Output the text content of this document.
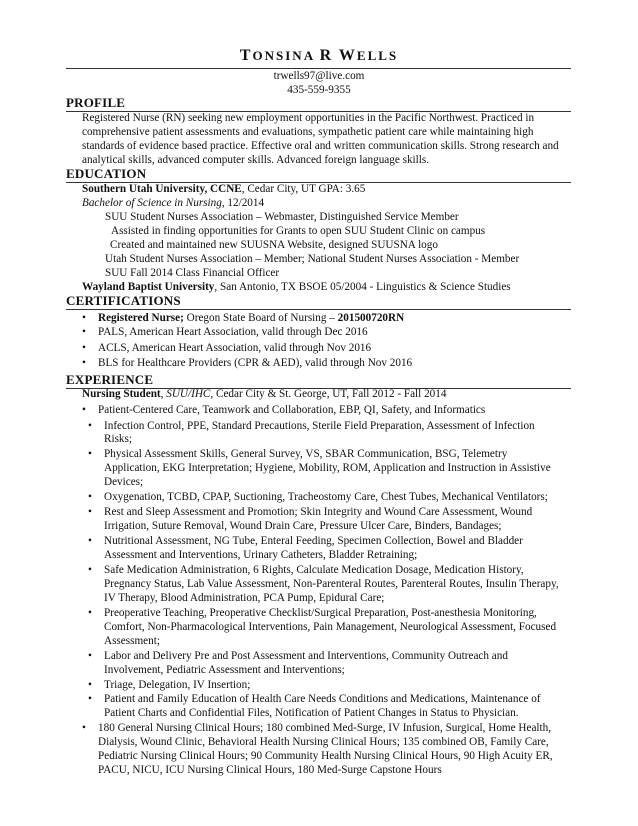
TONSINA R WELLS
trwells97@live.com
435-559-9355
PROFILE
Registered Nurse (RN) seeking new employment opportunities in the Pacific Northwest. Practiced in
comprehensive patient assessments and evaluations, sympathetic patient care while maintaining high
standards of evidence based practice. Effective oral and written communication skills. Strong research and
analytical skills, advanced computer skills. Advanced foreign language skills.
EDUCATION
Southern Utah University, CCNE, Cedar City, UT GPA: 3.65
Bachelor of Science in Nursing, 12/2014
SUU Student Nurses Association – Webmaster, Distinguished Service Member
Assisted in finding opportunities for Grants to open SUU Student Clinic on campus
Created and maintained new SUUSNA Website, designed SUUSNA logo
Utah Student Nurses Association – Member; National Student Nurses Association - Member
SUU Fall 2014 Class Financial Officer
Wayland Baptist University, San Antonio, TX BSOE 05/2004 - Linguistics & Science Studies
CERTIFICATIONS
• Registered Nurse; Oregon State Board of Nursing – 201500720RN
• PALS, American Heart Association, valid through Dec 2016
• ACLS, American Heart Association, valid through Nov 2016
• BLS for Healthcare Providers (CPR & AED), valid through Nov 2016
EXPERIENCE
Nursing Student, SUU/IHC, Cedar City & St. George, UT, Fall 2012 - Fall 2014
• Patient-Centered Care, Teamwork and Collaboration, EBP, QI, Safety, and Informatics
• Infection Control, PPE, Standard Precautions, Sterile Field Preparation, Assessment of Infection
Risks;
• Physical Assessment Skills, General Survey, VS, SBAR Communication, BSG, Telemetry
Application, EKG Interpretation; Hygiene, Mobility, ROM, Application and Instruction in Assistive
Devices;
• Oxygenation, TCBD, CPAP, Suctioning, Tracheostomy Care, Chest Tubes, Mechanical Ventilators;
• Rest and Sleep Assessment and Promotion; Skin Integrity and Wound Care Assessment, Wound
Irrigation, Suture Removal, Wound Drain Care, Pressure Ulcer Care, Binders, Bandages;
• Nutritional Assessment, NG Tube, Enteral Feeding, Specimen Collection, Bowel and Bladder
Assessment and Interventions, Urinary Catheters, Bladder Retraining;
• Safe Medication Administration, 6 Rights, Calculate Medication Dosage, Medication History,
Pregnancy Status, Lab Value Assessment, Non-Parenteral Routes, Parenteral Routes, Insulin Therapy,
IV Therapy, Blood Administration, PCA Pump, Epidural Care;
• Preoperative Teaching, Preoperative Checklist/Surgical Preparation, Post-anesthesia Monitoring,
Comfort, Non-Pharmacological Interventions, Pain Management, Neurological Assessment, Focused
Assessment;
• Labor and Delivery Pre and Post Assessment and Interventions, Community Outreach and
Involvement, Pediatric Assessment and Interventions;
• Triage, Delegation, IV Insertion;
• Patient and Family Education of Health Care Needs Conditions and Medications, Maintenance of
Patient Charts and Confidential Files, Notification of Patient Changes in Status to Physician.
• 180 General Nursing Clinical Hours; 180 combined Med-Surge, IV Infusion, Surgical, Home Health,
Dialysis, Wound Clinic, Behavioral Health Nursing Clinical Hours; 135 combined OB, Family Care,
Pediatric Nursing Clinical Hours; 90 Community Health Nursing Clinical Hours, 90 High Acuity ER,
PACU, NICU, ICU Nursing Clinical Hours, 180 Med-Surge Capstone Hours
